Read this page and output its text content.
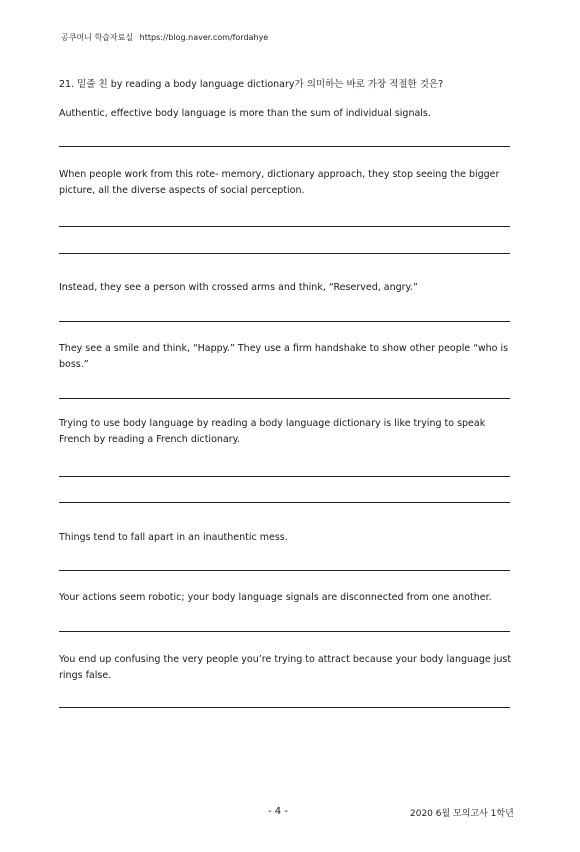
공쿠머니 학습자료실 https://blog.naver.com/fordahye
21. 밑줄 친 by reading a body language dictionary가 의미하는 바로 가장 적절한 것은?
Authentic, effective body language is more than the sum of individual signals.
When people work from this rote- memory, dictionary approach, they stop seeing the bigger picture, all the diverse aspects of social perception.
Instead, they see a person with crossed arms and think, “Reserved, angry.”
They see a smile and think, “Happy.” They use a firm handshake to show other people “who is boss.”
Trying to use body language by reading a body language dictionary is like trying to speak French by reading a French dictionary.
Things tend to fall apart in an inauthentic mess.
Your actions seem robotic; your body language signals are disconnected from one another.
You end up confusing the very people you’re trying to attract because your body language just rings false.
- 4 -	2020 6월 모의고사 1학년
